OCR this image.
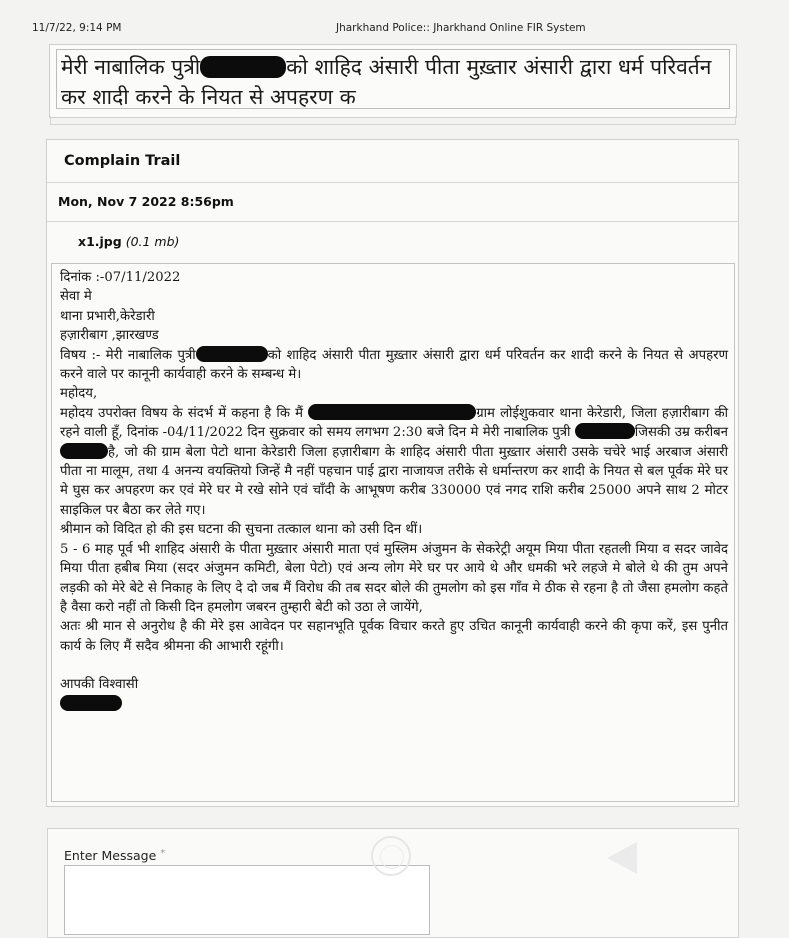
11/7/22, 9:14 PM	Jharkhand Police:: Jharkhand Online FIR System
मेरी नाबालिक पुत्री	को शाहिद अंसारी पीता मुख़्तार अंसारी द्वारा धर्म परिवर्तन कर शादी करने के नियत से अपहरण क
Complain Trail
Mon, Nov 7 2022 8:56pm
x1.jpg (0.1 mb)

दिनांक :-07/11/2022

सेवा मे

थाना प्रभारी,केरेडारी

हज़ारीबाग ,झारखण्ड

विषय :- मेरी नाबालिक पुत्री	को शाहिद अंसारी पीता मुख़्तार अंसारी द्वारा धर्म परिवर्तन कर शादी करने के नियत से अपहरण करने वाले पर कानूनी कार्यवाही करने के सम्बन्ध मे।

महोदय,

महोदय उपरोक्त विषय के संदर्भ में कहना है कि मैं	ग्राम लोईशुकवार थाना केरेडारी, जिला हज़ारीबाग की रहने वाली हूँ, दिनांक -04/11/2022 दिन सुक्रवार को समय लगभग 2:30 बजे दिन मे मेरी नाबालिक पुत्री	जिसकी उम्र करीबन है, जो की ग्राम बेला पेटो थाना केरेडारी जिला हज़ारीबाग के शाहिद अंसारी पीता मुख़्तार अंसारी उसके चचेरे भाई अरबाज अंसारी पीता ना मालूम, तथा 4 अनन्य वयक्तियो जिन्हें मै नहीं पहचान पाई द्वारा नाजायज तरीके से धर्मान्तरण कर शादी के नियत से बल पूर्वक मेरे घर मे घुस कर अपहरण कर एवं मेरे घर मे रखे सोने एवं चाँदी के आभूषण करीब 330000 एवं नगद राशि करीब 25000 अपने साथ 2 मोटर साइकिल पर बैठा कर लेते गए।

श्रीमान को विदित हो की इस घटना की सुचना तत्काल थाना को उसी दिन थीं।

5 - 6 माह पूर्व भी शाहिद अंसारी के पीता मुख़्तार अंसारी माता एवं मुस्लिम अंजुमन के सेकरेट्री अयूम मिया पीता रहतली मिया व सदर जावेद मिया पीता हबीब मिया (सदर अंजुमन कमिटी, बेला पेटो) एवं अन्य लोग मेरे घर पर आये थे और धमकी भरे लहजे मे बोले थे की तुम अपने लड़की को मेरे बेटे से निकाह के लिए दे दो जब मैं विरोध की तब सदर बोले की तुमलोग को इस गाँव मे ठीक से रहना है तो जैसा हमलोग कहते है वैसा करो नहीं तो किसी दिन हमलोग जबरन तुम्हारी बेटी को उठा ले जायेंगे,

अतः श्री मान से अनुरोध है की मेरे इस आवेदन पर सहानभूति पूर्वक विचार करते हुए उचित कानूनी कार्यवाही करने की कृपा करें, इस पुनीत कार्य के लिए मैं सदैव श्रीमना की आभारी रहूंगी।

आपकी विश्वासी

Enter Message *
